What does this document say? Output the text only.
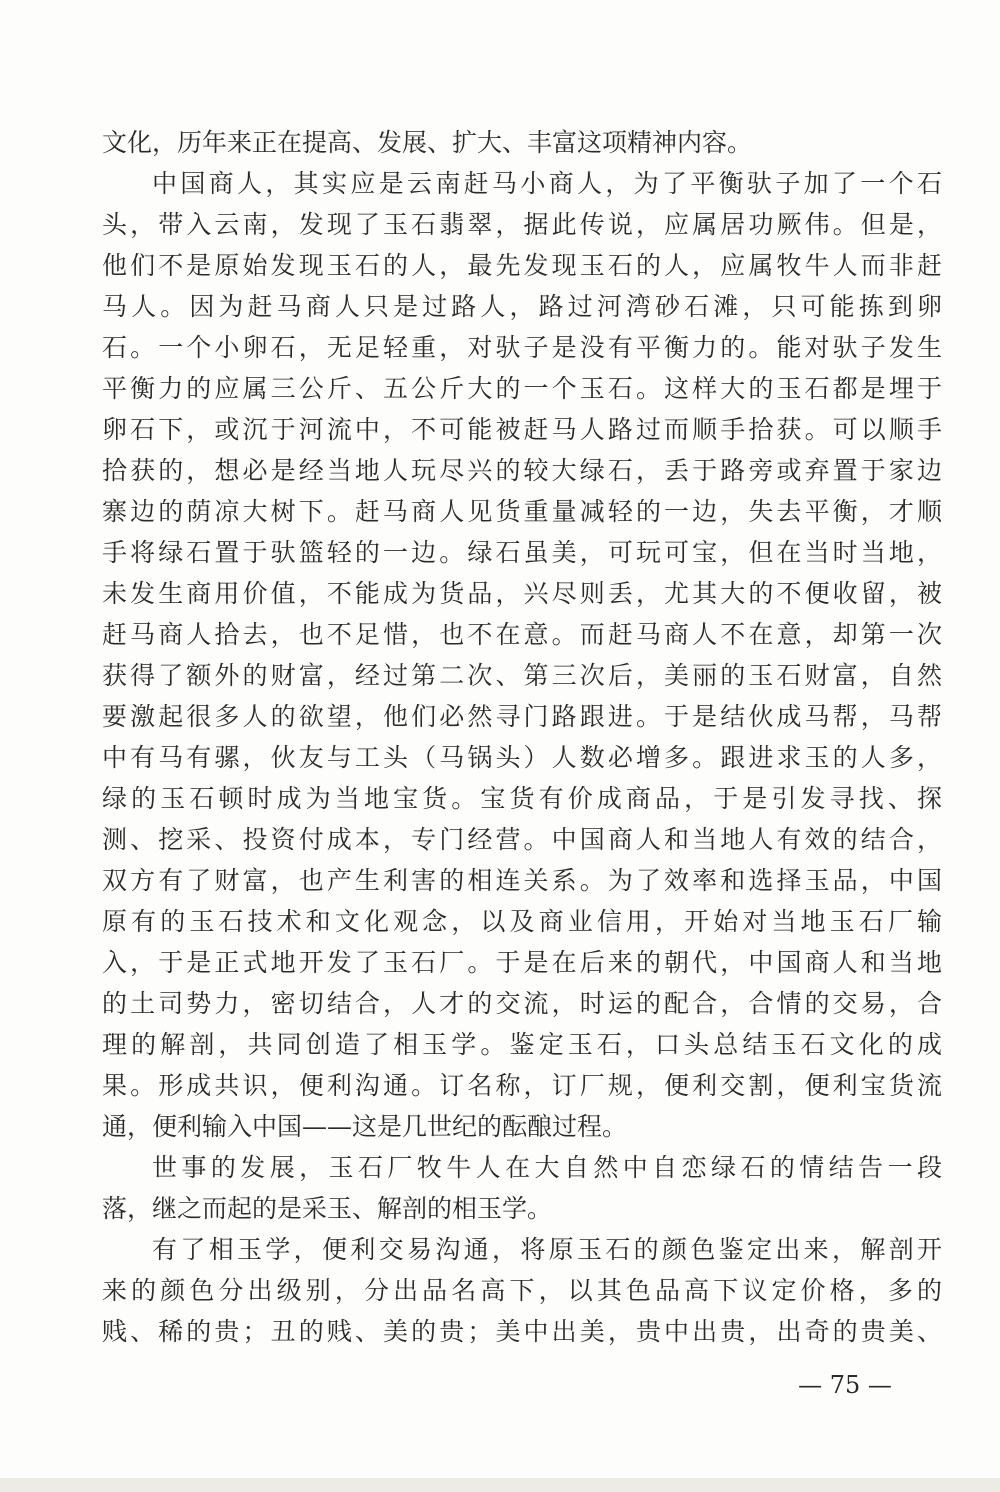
文化，历年来正在提高、发展、扩大、丰富这项精神内容。
中国商人，其实应是云南赶马小商人，为了平衡驮子加了一个石
头，带入云南，发现了玉石翡翠，据此传说，应属居功厥伟。但是，
他们不是原始发现玉石的人，最先发现玉石的人，应属牧牛人而非赶
马人。因为赶马商人只是过路人，路过河湾砂石滩，只可能拣到卵
石。一个小卵石，无足轻重，对驮子是没有平衡力的。能对驮子发生
平衡力的应属三公斤、五公斤大的一个玉石。这样大的玉石都是埋于
卵石下，或沉于河流中，不可能被赶马人路过而顺手拾获。可以顺手
拾获的，想必是经当地人玩尽兴的较大绿石，丢于路旁或弃置于家边
寨边的荫凉大树下。赶马商人见货重量减轻的一边，失去平衡，才顺
手将绿石置于驮篮轻的一边。绿石虽美，可玩可宝，但在当时当地，
未发生商用价值，不能成为货品，兴尽则丢，尤其大的不便收留，被
赶马商人拾去，也不足惜，也不在意。而赶马商人不在意，却第一次
获得了额外的财富，经过第二次、第三次后，美丽的玉石财富，自然
要激起很多人的欲望，他们必然寻门路跟进。于是结伙成马帮，马帮
中有马有骡，伙友与工头（马锅头）人数必增多。跟进求玉的人多，
绿的玉石顿时成为当地宝货。宝货有价成商品，于是引发寻找、探
测、挖采、投资付成本，专门经营。中国商人和当地人有效的结合，
双方有了财富，也产生利害的相连关系。为了效率和选择玉品，中国
原有的玉石技术和文化观念，以及商业信用，开始对当地玉石厂输
入，于是正式地开发了玉石厂。于是在后来的朝代，中国商人和当地
的土司势力，密切结合，人才的交流，时运的配合，合情的交易，合
理的解剖，共同创造了相玉学。鉴定玉石，口头总结玉石文化的成
果。形成共识，便利沟通。订名称，订厂规，便利交割，便利宝货流
通，便利输入中国——这是几世纪的酝酿过程。
世事的发展，玉石厂牧牛人在大自然中自恋绿石的情结告一段
落，继之而起的是采玉、解剖的相玉学。
有了相玉学，便利交易沟通，将原玉石的颜色鉴定出来，解剖开
来的颜色分出级别，分出品名高下，以其色品高下议定价格，多的
贱、稀的贵；丑的贱、美的贵；美中出美，贵中出贵，出奇的贵美、
— 75 —
